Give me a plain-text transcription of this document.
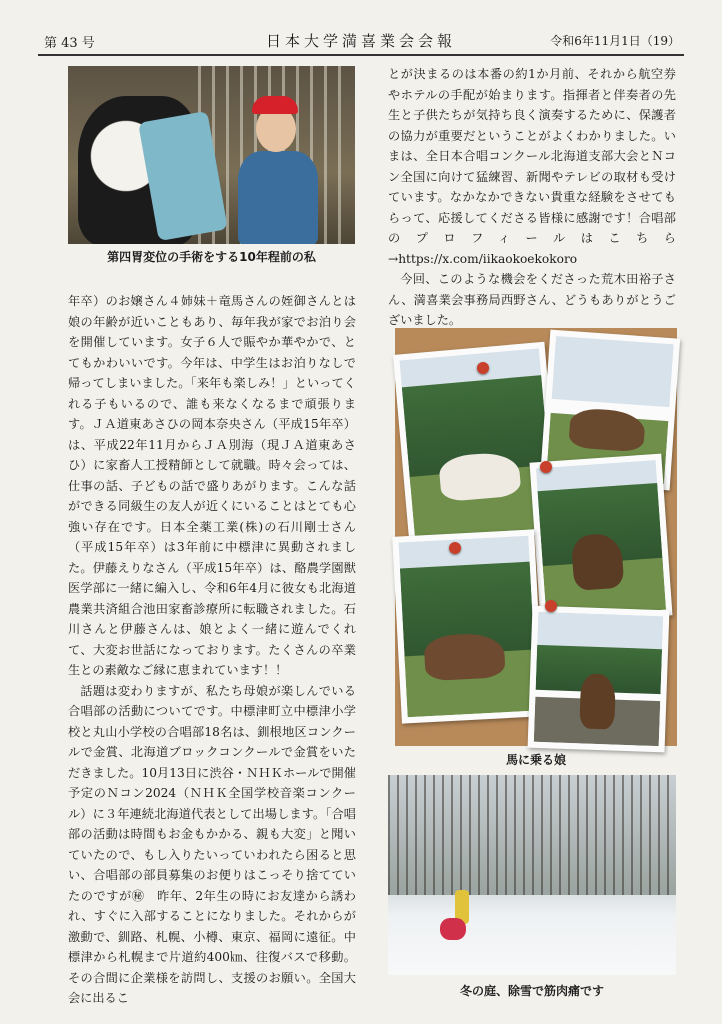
第 43 号	日本大学満喜業会会報	令和6年11月1日（19）
第四胃変位の手術をする10年程前の私

年卒）のお嬢さん４姉妹＋竜馬さんの姪御さんとは娘の年齢が近いこともあり、毎年我が家でお泊り会を開催しています。女子６人で賑やか華やかで、とてもかわいいです。今年は、中学生はお泊りなしで帰ってしまいました。「来年も楽しみ！」といってくれる子もいるので、誰も来なくなるまで頑張ります。ＪＡ道東あさひの岡本奈央さん（平成15年卒）は、平成22年11月からＪＡ別海（現ＪＡ道東あさひ）に家畜人工授精師として就職。時々会っては、仕事の話、子どもの話で盛りあがります。こんな話ができる同級生の友人が近くにいることはとても心強い存在です。日本全薬工業(株)の石川剛士さん（平成15年卒）は3年前に中標津に異動されました。伊藤えりなさん（平成15年卒）は、酪農学園獣医学部に一緒に編入し、令和6年4月に彼女も北海道農業共済組合池田家畜診療所に転職されました。石川さんと伊藤さんは、娘とよく一緒に遊んでくれて、大変お世話になっております。たくさんの卒業生との素敵なご縁に恵まれています！！

話題は変わりますが、私たち母娘が楽しんでいる合唱部の活動についてです。中標津町立中標津小学校と丸山小学校の合唱部18名は、釧根地区コンクールで金賞、北海道ブロックコンクールで金賞をいただきました。10月13日に渋谷・ＮＨＫホールで開催予定のＮコン2024（ＮＨＫ全国学校音楽コンクール）に３年連続北海道代表として出場します。「合唱部の活動は時間もお金もかかる、親も大変」と聞いていたので、もし入りたいっていわれたら困ると思い、合唱部の部員募集のお便りはこっそり捨てていたのですが㊙　昨年、2年生の時にお友達から誘われ、すぐに入部することになりました。それからが激動で、釧路、札幌、小樽、東京、福岡に遠征。中標津から札幌まで片道約400㎞、往復バスで移動。その合間に企業様を訪問し、支援のお願い。全国大会に出るこ

とが決まるのは本番の約1か月前、それから航空券やホテルの手配が始まります。指揮者と伴奏者の先生と子供たちが気持ち良く演奏するために、保護者の協力が重要だということがよくわかりました。いまは、全日本合唱コンクール北海道支部大会とＮコン全国に向けて猛練習、新聞やテレビの取材も受けています。なかなかできない貴重な経験をさせてもらって、応援してくださる皆様に感謝です！合唱部のプロフィールはこちら→https://x.com/iikaokoekokoro

今回、このような機会をくださった荒木田裕子さん、満喜業会事務局西野さん、どうもありがとうございました。

馬に乗る娘
冬の庭、除雪で筋肉痛です
